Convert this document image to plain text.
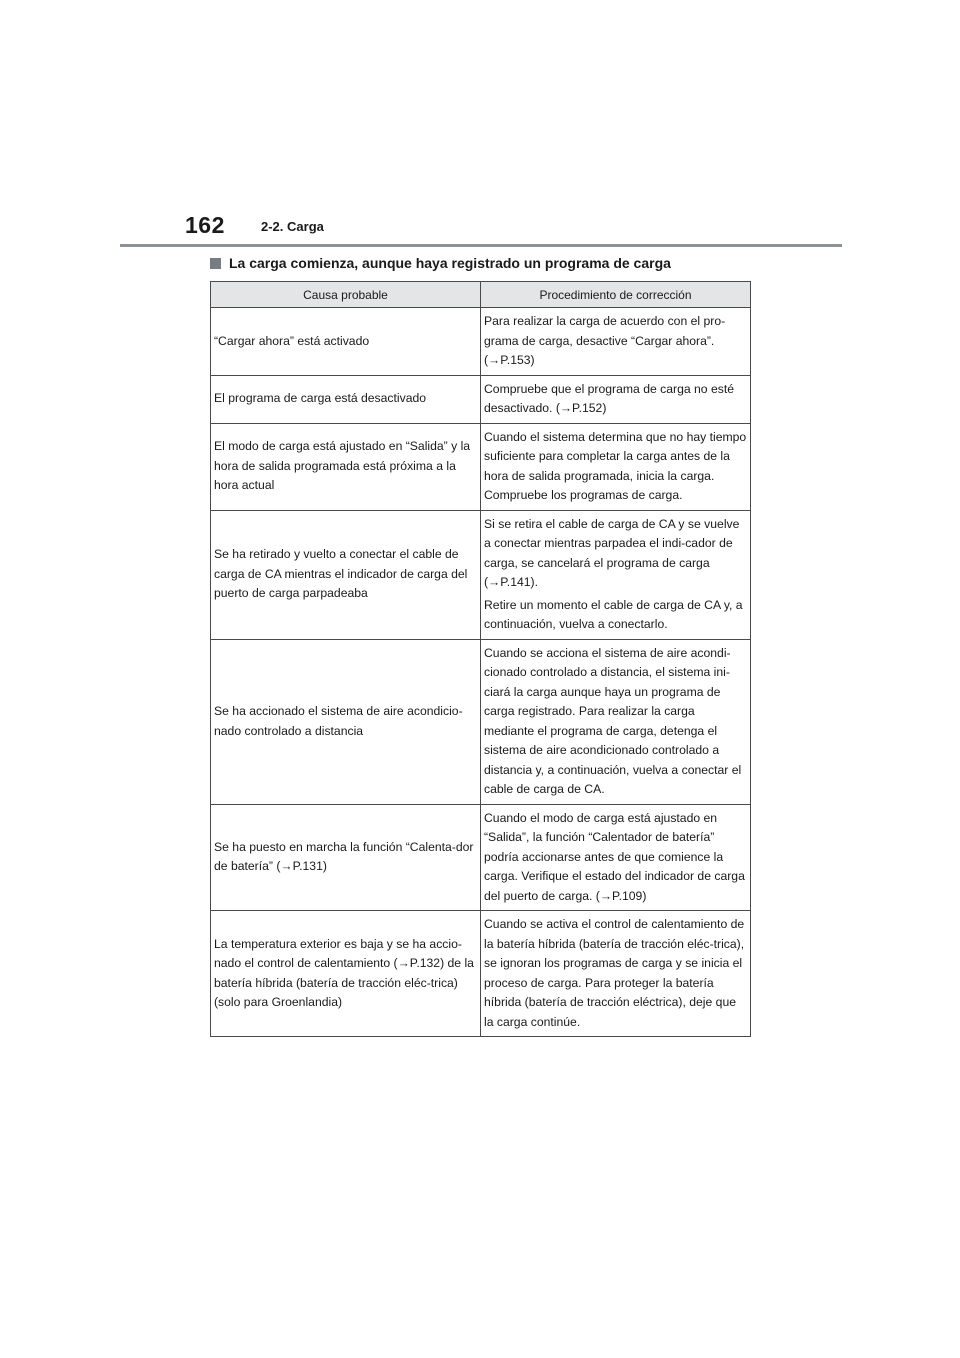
162	2-2. Carga
La carga comienza, aunque haya registrado un programa de carga
Causa probable	Procedimiento de corrección
“Cargar ahora” está activado	Para realizar la carga de acuerdo con el pro-grama de carga, desactive “Cargar ahora”. (→P.153)

El programa de carga está desactivado	Compruebe que el programa de carga no esté desactivado. (→P.152)

El modo de carga está ajustado en “Salida” y la hora de salida programada está próxima a la hora actual	Cuando el sistema determina que no hay tiempo suficiente para completar la carga antes de la hora de salida programada, inicia la carga. Compruebe los programas de carga.

Se ha retirado y vuelto a conectar el cable de carga de CA mientras el indicador de carga del puerto de carga parpadeaba	Si se retira el cable de carga de CA y se vuelve a conectar mientras parpadea el indi-cador de carga, se cancelará el programa de carga (→P.141).
Retire un momento el cable de carga de CA y, a continuación, vuelva a conectarlo.

Se ha accionado el sistema de aire acondicio-nado controlado a distancia	Cuando se acciona el sistema de aire acondi-cionado controlado a distancia, el sistema ini-ciará la carga aunque haya un programa de carga registrado. Para realizar la carga mediante el programa de carga, detenga el sistema de aire acondicionado controlado a distancia y, a continuación, vuelva a conectar el cable de carga de CA.

Se ha puesto en marcha la función “Calenta-dor de batería” (→P.131)	Cuando el modo de carga está ajustado en “Salida”, la función “Calentador de batería” podría accionarse antes de que comience la carga. Verifique el estado del indicador de carga del puerto de carga. (→P.109)

La temperatura exterior es baja y se ha accio-nado el control de calentamiento (→P.132) de la batería híbrida (batería de tracción eléc-trica) (solo para Groenlandia)	Cuando se activa el control de calentamiento de la batería híbrida (batería de tracción eléc-trica), se ignoran los programas de carga y se inicia el proceso de carga. Para proteger la batería híbrida (batería de tracción eléctrica), deje que la carga continúe.
